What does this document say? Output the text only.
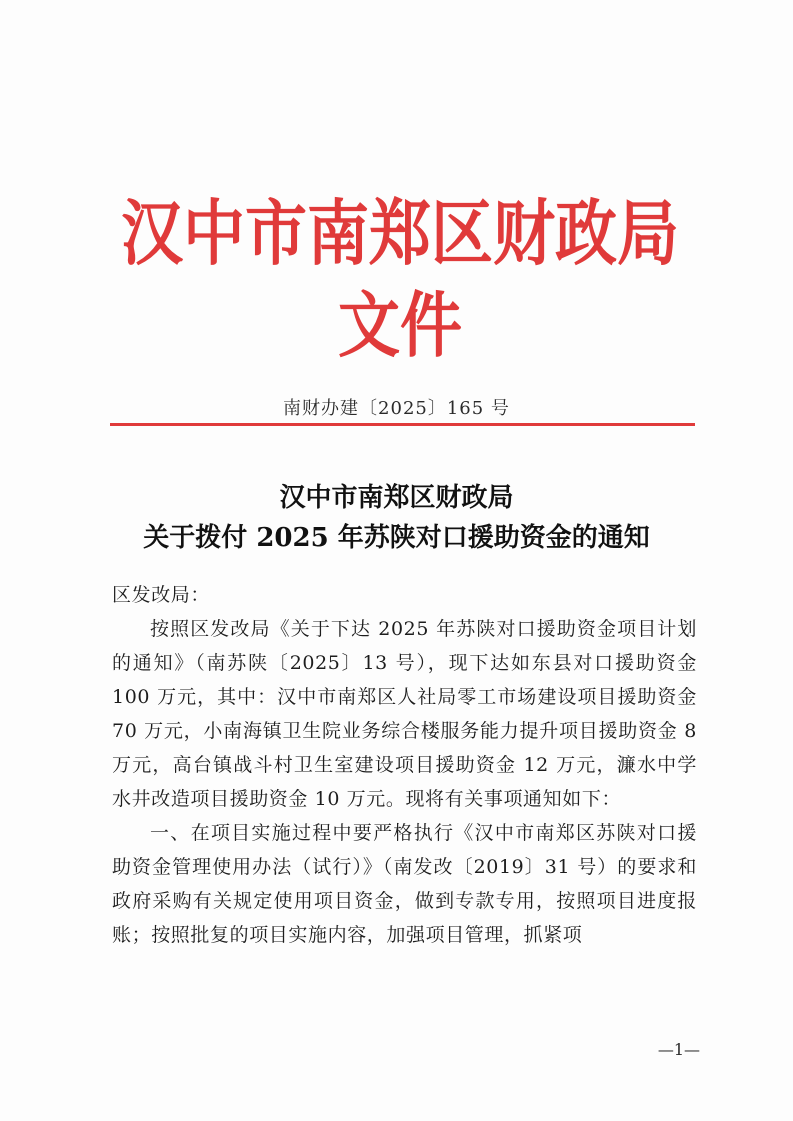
汉中市南郑区财政局文件
南财办建〔2025〕165 号
汉中市南郑区财政局
关于拨付 2025 年苏陕对口援助资金的通知

区发改局：

按照区发改局《关于下达 2025 年苏陕对口援助资金项目计划的通知》（南苏陕〔2025〕13 号），现下达如东县对口援助资金 100 万元，其中：汉中市南郑区人社局零工市场建设项目援助资金 70 万元，小南海镇卫生院业务综合楼服务能力提升项目援助资金 8 万元，高台镇战斗村卫生室建设项目援助资金 12 万元，濂水中学水井改造项目援助资金 10 万元。现将有关事项通知如下：

一、在项目实施过程中要严格执行《汉中市南郑区苏陕对口援助资金管理使用办法（试行）》（南发改〔2019〕31 号）的要求和政府采购有关规定使用项目资金，做到专款专用，按照项目进度报账；按照批复的项目实施内容，加强项目管理，抓紧项

—1—
